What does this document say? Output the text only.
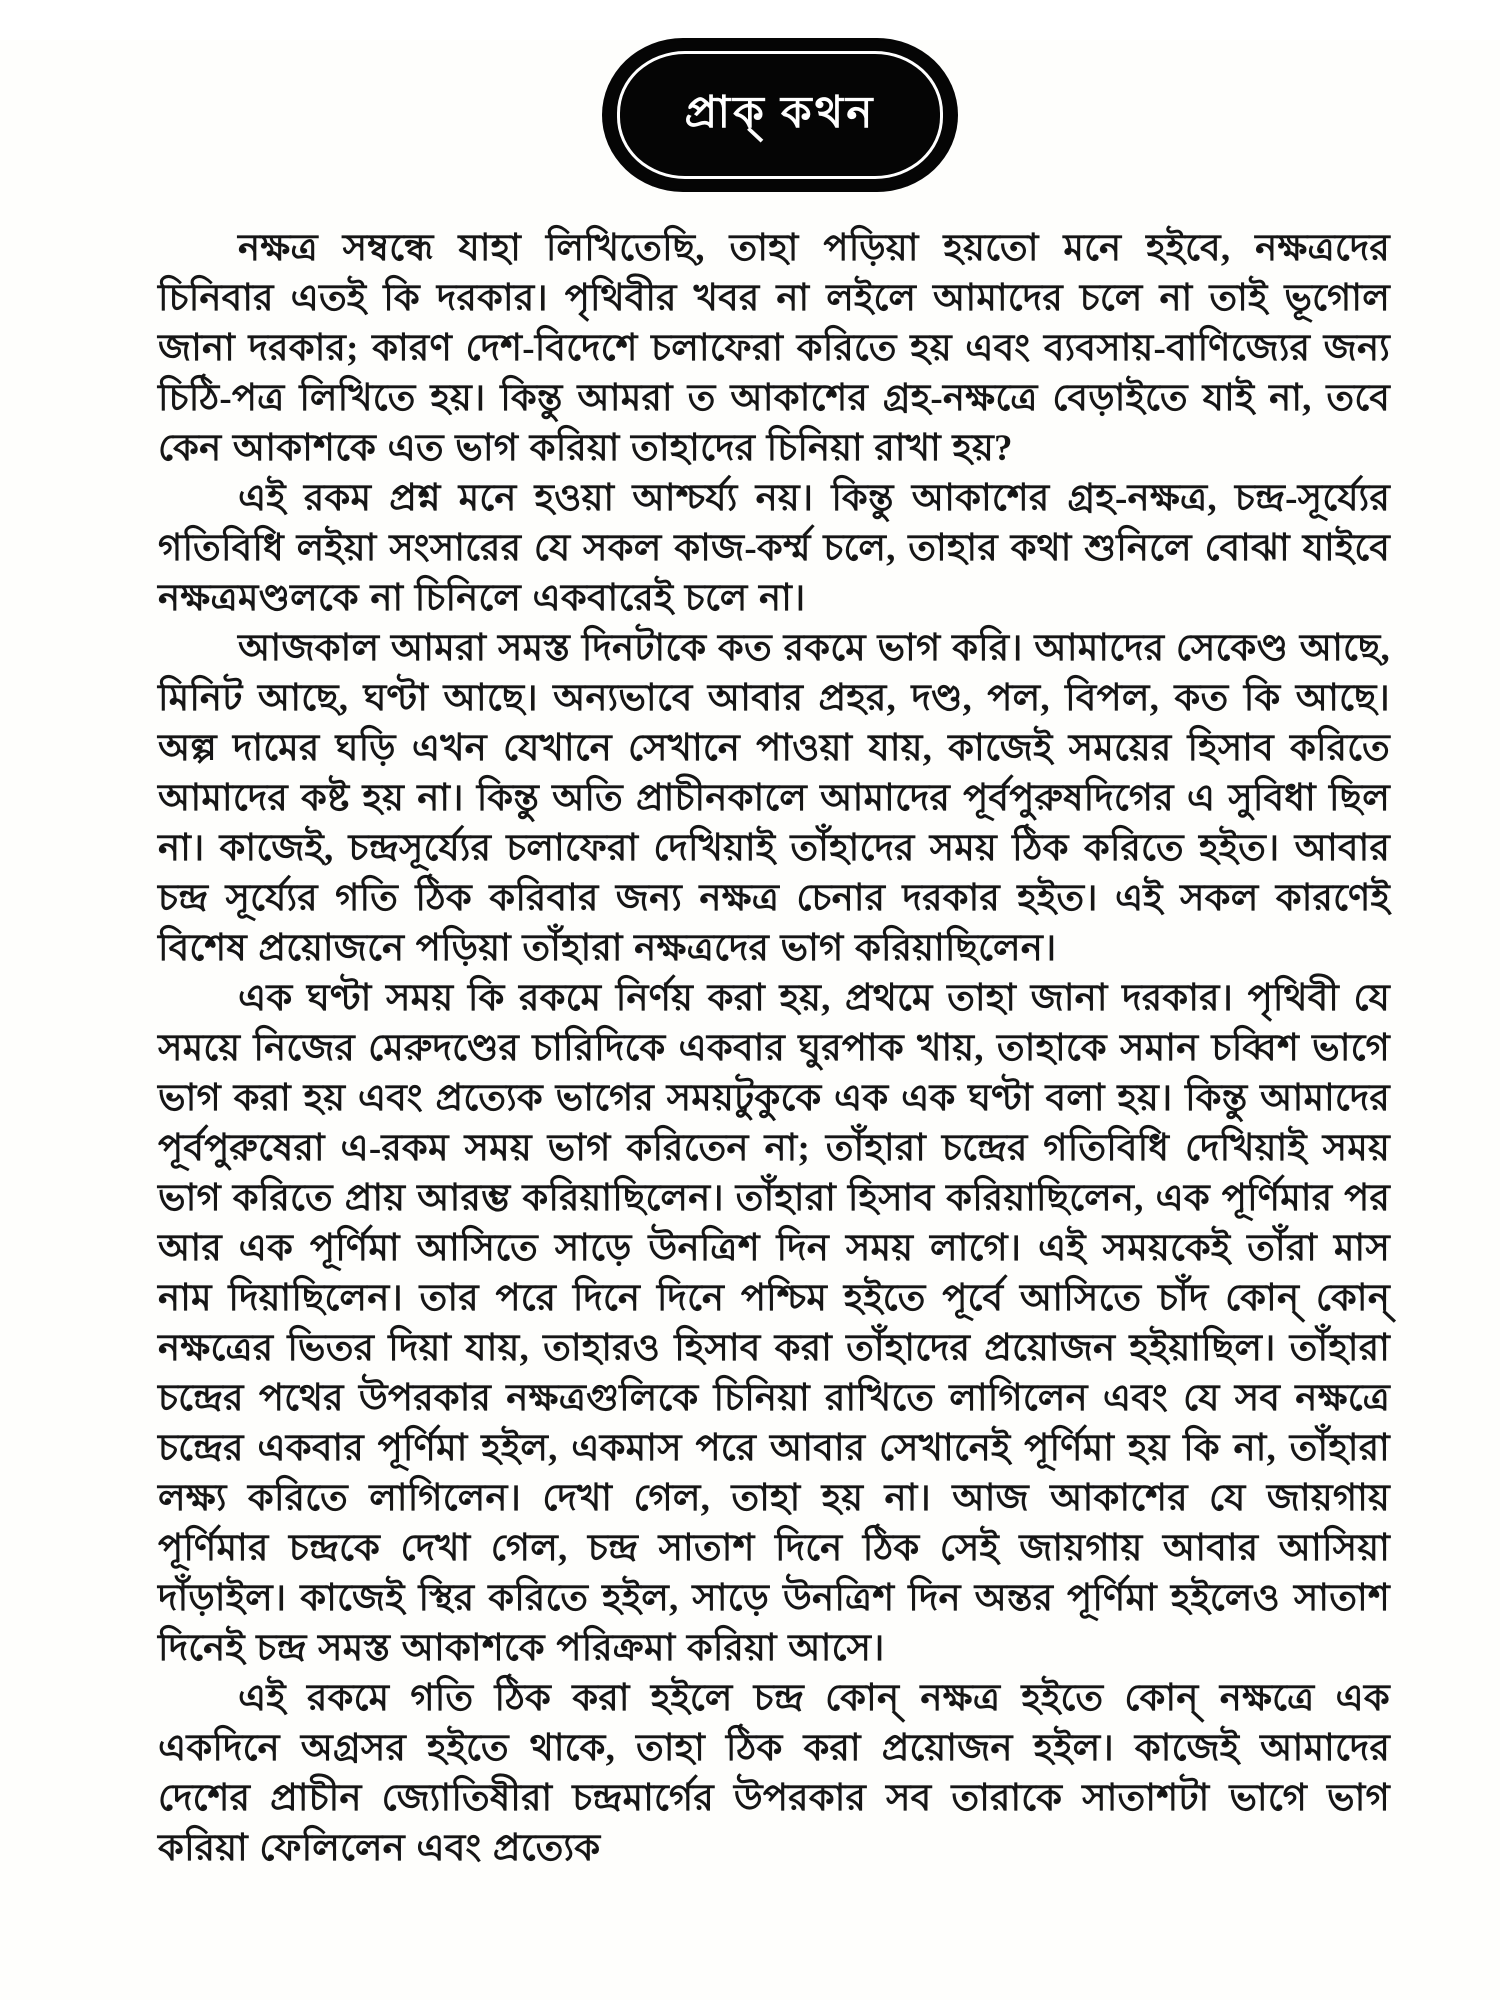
প্রাক্‌ কথন

নক্ষত্র সম্বন্ধে যাহা লিখিতেছি, তাহা পড়িয়া হয়তো মনে হইবে, নক্ষত্রদের চিনিবার এতই কি দরকার। পৃথিবীর খবর না লইলে আমাদের চলে না তাই ভূগোল জানা দরকার; কারণ দেশ-বিদেশে চলাফেরা করিতে হয় এবং ব্যবসায়-বাণিজ্যের জন্য চিঠি-পত্র লিখিতে হয়। কিন্তু আমরা ত আকাশের গ্রহ-নক্ষত্রে বেড়াইতে যাই না, তবে কেন আকাশকে এত ভাগ করিয়া তাহাদের চিনিয়া রাখা হয়?

এই রকম প্রশ্ন মনে হওয়া আশ্চর্য্য নয়। কিন্তু আকাশের গ্রহ-নক্ষত্র, চন্দ্র-সূর্য্যের গতিবিধি লইয়া সংসারের যে সকল কাজ-কর্ম্ম চলে, তাহার কথা শুনিলে বোঝা যাইবে নক্ষত্রমণ্ডলকে না চিনিলে একবারেই চলে না।

আজকাল আমরা সমস্ত দিনটাকে কত রকমে ভাগ করি। আমাদের সেকেণ্ড আছে, মিনিট আছে, ঘণ্টা আছে। অন্যভাবে আবার প্রহর, দণ্ড, পল, বিপল, কত কি আছে। অল্প দামের ঘড়ি এখন যেখানে সেখানে পাওয়া যায়, কাজেই সময়ের হিসাব করিতে আমাদের কষ্ট হয় না। কিন্তু অতি প্রাচীনকালে আমাদের পূর্বপুরুষদিগের এ সুবিধা ছিল না। কাজেই, চন্দ্রসূর্য্যের চলাফেরা দেখিয়াই তাঁহাদের সময় ঠিক করিতে হইত। আবার চন্দ্র সূর্য্যের গতি ঠিক করিবার জন্য নক্ষত্র চেনার দরকার হইত। এই সকল কারণেই বিশেষ প্রয়োজনে পড়িয়া তাঁহারা নক্ষত্রদের ভাগ করিয়াছিলেন।

এক ঘণ্টা সময় কি রকমে নির্ণয় করা হয়, প্রথমে তাহা জানা দরকার। পৃথিবী যে সময়ে নিজের মেরুদণ্ডের চারিদিকে একবার ঘুরপাক খায়, তাহাকে সমান চব্বিশ ভাগে ভাগ করা হয় এবং প্রত্যেক ভাগের সময়টুকুকে এক এক ঘণ্টা বলা হয়। কিন্তু আমাদের পূর্বপুরুষেরা এ-রকম সময় ভাগ করিতেন না; তাঁহারা চন্দ্রের গতিবিধি দেখিয়াই সময় ভাগ করিতে প্রায় আরম্ভ করিয়াছিলেন। তাঁহারা হিসাব করিয়াছিলেন, এক পূর্ণিমার পর আর এক পূর্ণিমা আসিতে সাড়ে উনত্রিশ দিন সময় লাগে। এই সময়কেই তাঁরা মাস নাম দিয়াছিলেন। তার পরে দিনে দিনে পশ্চিম হইতে পূর্বে আসিতে চাঁদ কোন্‌ কোন্‌ নক্ষত্রের ভিতর দিয়া যায়, তাহারও হিসাব করা তাঁহাদের প্রয়োজন হইয়াছিল। তাঁহারা চন্দ্রের পথের উপরকার নক্ষত্রগুলিকে চিনিয়া রাখিতে লাগিলেন এবং যে সব নক্ষত্রে চন্দ্রের একবার পূর্ণিমা হইল, একমাস পরে আবার সেখানেই পূর্ণিমা হয় কি না, তাঁহারা লক্ষ্য করিতে লাগিলেন। দেখা গেল, তাহা হয় না। আজ আকাশের যে জায়গায় পূর্ণিমার চন্দ্রকে দেখা গেল, চন্দ্র সাতাশ দিনে ঠিক সেই জায়গায় আবার আসিয়া দাঁড়াইল। কাজেই স্থির করিতে হইল, সাড়ে উনত্রিশ দিন অন্তর পূর্ণিমা হইলেও সাতাশ দিনেই চন্দ্র সমস্ত আকাশকে পরিক্রমা করিয়া আসে।

এই রকমে গতি ঠিক করা হইলে চন্দ্র কোন্‌ নক্ষত্র হইতে কোন্‌ নক্ষত্রে এক একদিনে অগ্রসর হইতে থাকে, তাহা ঠিক করা প্রয়োজন হইল। কাজেই আমাদের দেশের প্রাচীন জ্যোতিষীরা চন্দ্রমার্গের উপরকার সব তারাকে সাতাশটা ভাগে ভাগ করিয়া ফেলিলেন এবং প্রত্যেক
